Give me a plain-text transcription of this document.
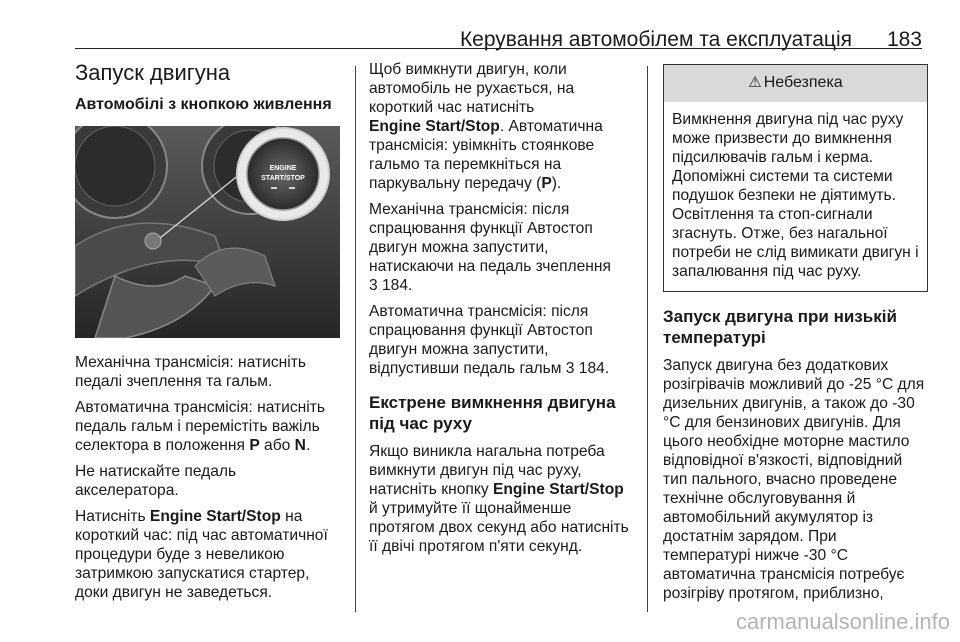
Керування автомобілем та експлуатація 183
Запуск двигуна
Автомобілі з кнопкою живлення
ENGINE
START/STOP
Механічна трансмісія: натисніть педалі зчеплення та гальм.
Автоматична трансмісія: натисніть педаль гальм і перемістіть важіль селектора в положення P або N.
Не натискайте педаль акселератора.
Натисніть Engine Start/Stop на короткий час: під час автоматичної процедури буде з невеликою затримкою запускатися стартер, доки двигун не заведеться.
Щоб вимкнути двигун, коли автомобіль не рухається, на короткий час натисніть
Engine Start/Stop. Автоматична трансмісія: увімкніть стоянкове гальмо та перемкніться на паркувальну передачу (P).
Механічна трансмісія: після спрацювання функції Автостоп двигун можна запустити, натискаючи на педаль зчеплення
3 184.
Автоматична трансмісія: після спрацювання функції Автостоп двигун можна запустити, відпустивши педаль гальм 3 184.
Екстрене вимкнення двигуна під час руху
Якщо виникла нагальна потреба вимкнути двигун під час руху, натисніть кнопку Engine Start/Stop й утримуйте її щонайменше протягом двох секунд або натисніть її двічі протягом п'яти секунд.
⚠ Небезпека
Вимкнення двигуна під час руху може призвести до вимкнення підсилювачів гальм і керма. Допоміжні системи та системи подушок безпеки не діятимуть. Освітлення та стоп-сигнали згаснуть. Отже, без нагальної потреби не слід вимикати двигун і запалювання під час руху.
Запуск двигуна при низькій температурі
Запуск двигуна без додаткових розігрівачів можливий до -25 °C для дизельних двигунів, а також до -30 °C для бензинових двигунів. Для цього необхідне моторне мастило відповідної в'язкості, відповідний тип пального, вчасно проведене технічне обслуговування й автомобільний акумулятор із достатнім зарядом. При температурі нижче -30 °C автоматична трансмісія потребує розігріву протягом, приблизно,
carmanualsonline.info
